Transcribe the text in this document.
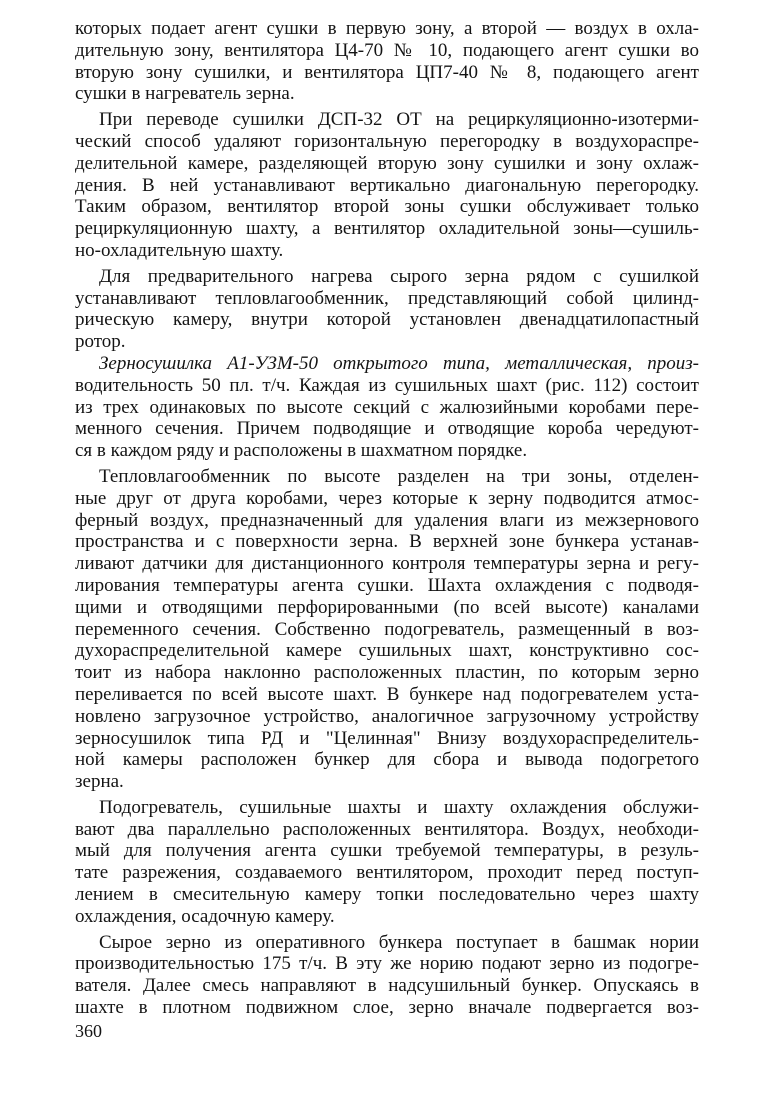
которых подает агент сушки в первую зону, а второй — воздух в охла-
дительную зону, вентилятора Ц4-70 № 10, подающего агент сушки во
вторую зону сушилки, и вентилятора ЦП7-40 № 8, подающего агент
сушки в нагреватель зерна.
При переводе сушилки ДСП-32 ОТ на рециркуляционно-изотерми-
ческий способ удаляют горизонтальную перегородку в воздухораспре-
делительной камере, разделяющей вторую зону сушилки и зону охлаж-
дения. В ней устанавливают вертикально диагональную перегородку.
Таким образом, вентилятор второй зоны сушки обслуживает только
рециркуляционную шахту, а вентилятор охладительной зоны—сушиль-
но-охладительную шахту.
Для предварительного нагрева сырого зерна рядом с сушилкой
устанавливают тепловлагообменник, представляющий собой цилинд-
рическую камеру, внутри которой установлен двенадцатилопастный
ротор.
Зерносушилка А1-УЗМ-50 открытого типа, металлическая, произ-
водительность 50 пл. т/ч. Каждая из сушильных шахт (рис. 112) состоит
из трех одинаковых по высоте секций с жалюзийными коробами пере-
менного сечения. Причем подводящие и отводящие короба чередуют-
ся в каждом ряду и расположены в шахматном порядке.
Тепловлагообменник по высоте разделен на три зоны, отделен-
ные друг от друга коробами, через которые к зерну подводится атмос-
ферный воздух, предназначенный для удаления влаги из межзернового
пространства и с поверхности зерна. В верхней зоне бункера устанав-
ливают датчики для дистанционного контроля температуры зерна и регу-
лирования температуры агента сушки. Шахта охлаждения с подводя-
щими и отводящими перфорированными (по всей высоте) каналами
переменного сечения. Собственно подогреватель, размещенный в воз-
духораспределительной камере сушильных шахт, конструктивно сос-
тоит из набора наклонно расположенных пластин, по которым зерно
переливается по всей высоте шахт. В бункере над подогревателем уста-
новлено загрузочное устройство, аналогичное загрузочному устройству
зерносушилок типа РД и "Целинная" Внизу воздухораспределитель-
ной камеры расположен бункер для сбора и вывода подогретого
зерна.
Подогреватель, сушильные шахты и шахту охлаждения обслужи-
вают два параллельно расположенных вентилятора. Воздух, необходи-
мый для получения агента сушки требуемой температуры, в резуль-
тате разрежения, создаваемого вентилятором, проходит перед поступ-
лением в смесительную камеру топки последовательно через шахту
охлаждения, осадочную камеру.
Сырое зерно из оперативного бункера поступает в башмак нории
производительностью 175 т/ч. В эту же норию подают зерно из подогре-
вателя. Далее смесь направляют в надсушильный бункер. Опускаясь в
шахте в плотном подвижном слое, зерно вначале подвергается воз-
360
